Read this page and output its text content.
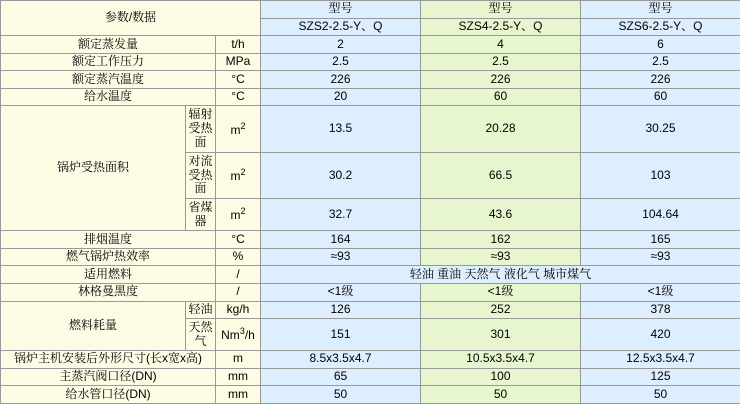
参数/数据			型号	型号	型号
			SZS2-2.5-Y、Q	SZS4-2.5-Y、Q	SZS6-2.5-Y、Q
额定蒸发量		t/h	2	4	6
额定工作压力		MPa	2.5	2.5	2.5
额定蒸汽温度		°C	226	226	226
给水温度		°C	20	60	60
锅炉受热面积	辐射受热面	$m^2$	13.5	20.28	30.25
	对流受热面	$m^2$	30.2	66.5	103
	省煤器	$m^2$	32.7	43.6	104.64
排烟温度		°C	164	162	165
燃气锅炉热效率		%	≈93	≈93	≈93
适用燃料		/	轻油 重油 天然气 液化气 城市煤气		
林格曼黑度		/	<1级	<1级	<1级
燃料耗量	轻油	kg/h	126	252	378
	天然气	Nm$^3$/h	151	301	420
锅炉主机安装后外形尺寸(长x宽x高)		m	8.5x3.5x4.7	10.5x3.5x4.7	12.5x3.5x4.7
主蒸汽阀口径(DN)		mm	65	100	125
给水管口径(DN)		mm	50	50	50
